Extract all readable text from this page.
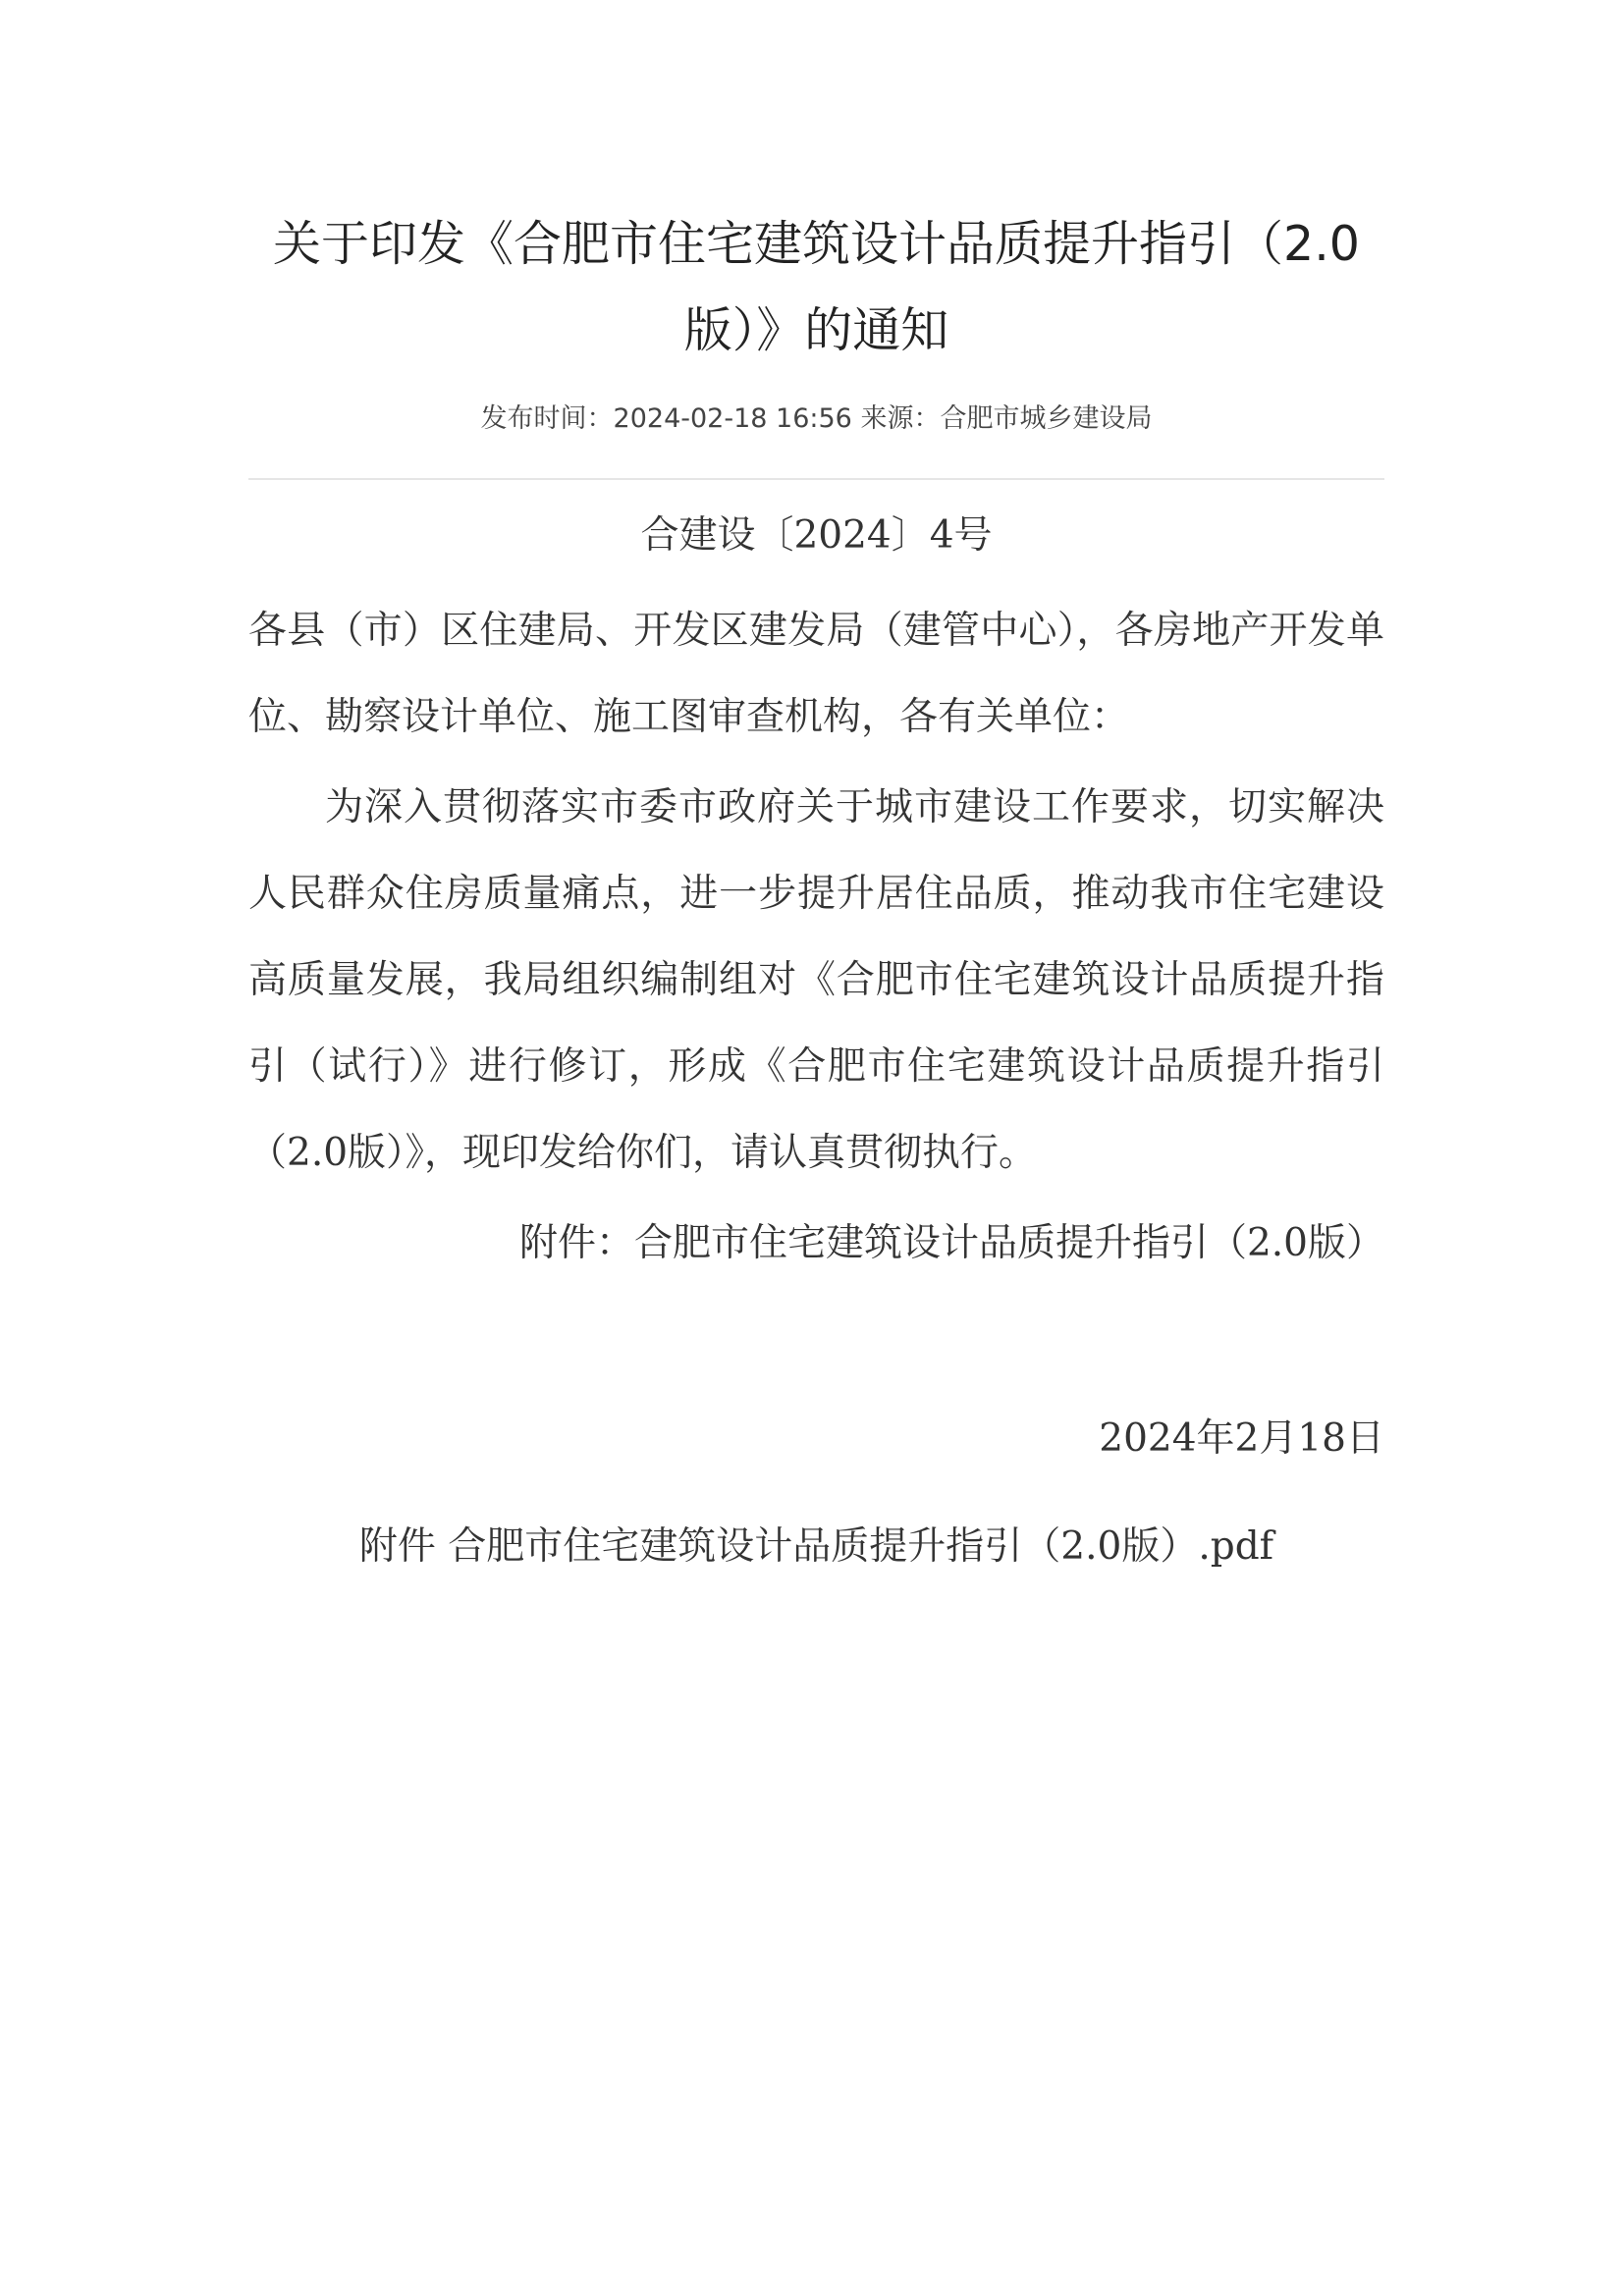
关于印发《合肥市住宅建筑设计品质提升指引（2.0版）》的通知
发布时间：2024-02-18 16:56 来源：合肥市城乡建设局
合建设〔2024〕4号

各县（市）区住建局、开发区建发局（建管中心），各房地产开发单位、勘察设计单位、施工图审查机构，各有关单位：

为深入贯彻落实市委市政府关于城市建设工作要求，切实解决人民群众住房质量痛点，进一步提升居住品质，推动我市住宅建设高质量发展，我局组织编制组对《合肥市住宅建筑设计品质提升指引（试行）》进行修订，形成《合肥市住宅建筑设计品质提升指引（2.0版）》，现印发给你们，请认真贯彻执行。

附件：合肥市住宅建筑设计品质提升指引（2.0版）
2024年2月18日
附件 合肥市住宅建筑设计品质提升指引（2.0版）.pdf
